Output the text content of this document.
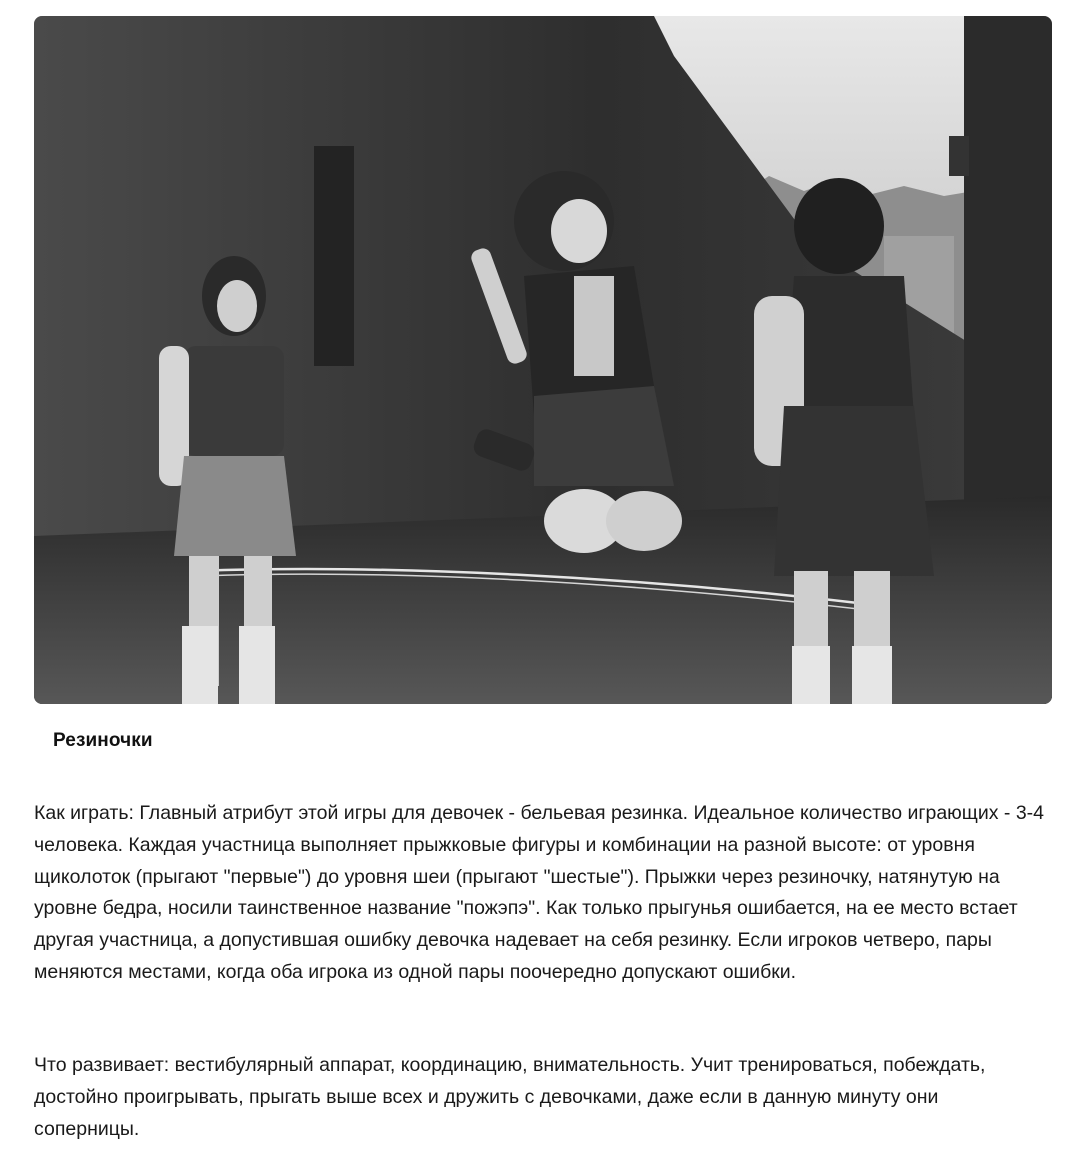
Резиночки

Как играть: Главный атрибут этой игры для девочек - бельевая резинка. Идеальное количество играющих - 3-4 человека. Каждая участница выполняет прыжковые фигуры и комбинации на разной высоте: от уровня щиколоток (прыгают "первые") до уровня шеи (прыгают "шестые"). Прыжки через резиночку, натянутую на уровне бедра, носили таинственное название "пожэпэ". Как только прыгунья ошибается, на ее место встает другая участница, а допустившая ошибку девочка надевает на себя резинку. Если игроков четверо, пары меняются местами, когда оба игрока из одной пары поочередно допускают ошибки.

Что развивает: вестибулярный аппарат, координацию, внимательность. Учит тренироваться, побеждать, достойно проигрывать, прыгать выше всех и дружить с девочками, даже если в данную минуту они соперницы.
